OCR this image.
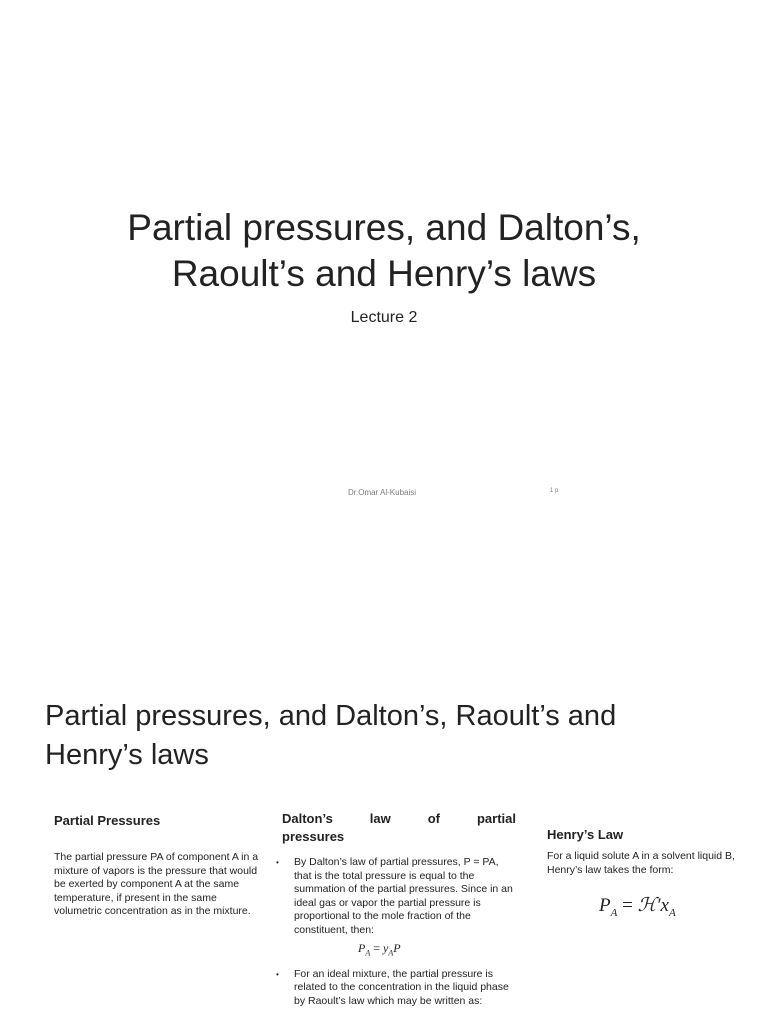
Partial pressures, and Dalton’s,
Raoult’s and Henry’s laws
Lecture 2
Dr.Omar Al-Kubaisi	1 p
Partial pressures, and Dalton’s, Raoult’s and
Henry’s laws

Partial Pressures

The partial pressure PA of component A in a mixture of vapors is the pressure that would be exerted by component A at the same temperature, if present in the same volumetric concentration as in the mixture.
Dalton’s	law	of	partial
pressures
• By Dalton’s law of partial pressures, P = PA, that is the total pressure is equal to the summation of the partial pressures. Since in an ideal gas or vapor the partial pressure is proportional to the mole fraction of the constituent, then:
$P_A = y_AP$
• For an ideal mixture, the partial pressure is related to the concentration in the liquid phase by Raoult’s law which may be written as:

Henry’s Law

For a liquid solute A in a solvent liquid B, Henry’s law takes the form:
$P_A$ = $ℋ'x_A$
